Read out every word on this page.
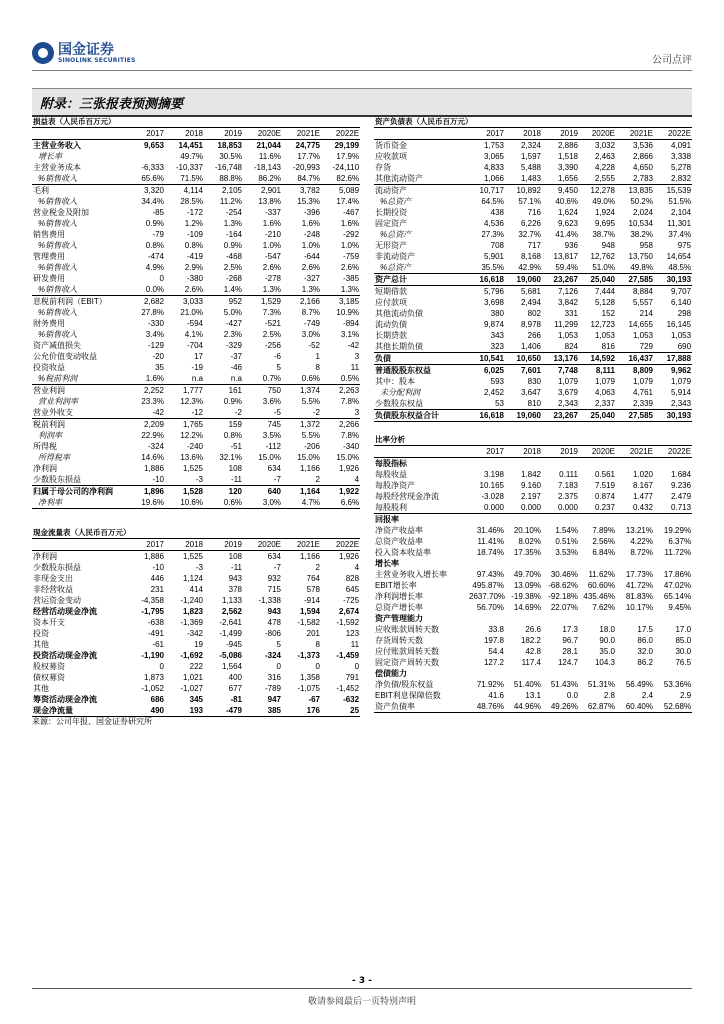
国金证券
SINOLINK SECURITIES	公司点评
附录：三张报表预测摘要
损益表（人民币百万元）						
	2017	2018	2019	2020E	2021E	2022E
主营业务收入	9,653	14,451	18,853	21,044	24,775	29,199
增长率		49.7%	30.5%	11.6%	17.7%	17.9%
主营业务成本	-6,333	-10,337	-16,748	-18,143	-20,993	-24,110
%销售收入	65.6%	71.5%	88.8%	86.2%	84.7%	82.6%
毛利	3,320	4,114	2,105	2,901	3,782	5,089
%销售收入	34.4%	28.5%	11.2%	13.8%	15.3%	17.4%
营业税金及附加	-85	-172	-254	-337	-396	-467
%销售收入	0.9%	1.2%	1.3%	1.6%	1.6%	1.6%
销售费用	-79	-109	-164	-210	-248	-292
%销售收入	0.8%	0.8%	0.9%	1.0%	1.0%	1.0%
管理费用	-474	-419	-468	-547	-644	-759
%销售收入	4.9%	2.9%	2.5%	2.6%	2.6%	2.6%
研发费用	0	-380	-268	-278	-327	-385
%销售收入	0.0%	2.6%	1.4%	1.3%	1.3%	1.3%
息税前利润（EBIT）	2,682	3,033	952	1,529	2,166	3,185
%销售收入	27.8%	21.0%	5.0%	7.3%	8.7%	10.9%
财务费用	-330	-594	-427	-521	-749	-894
%销售收入	3.4%	4.1%	2.3%	2.5%	3.0%	3.1%
资产减值损失	-129	-704	-329	-256	-52	-42
公允价值变动收益	-20	17	-37	-6	1	3
投资收益	35	-19	-46	5	8	11
%税前利润	1.6%	n.a	n.a	0.7%	0.6%	0.5%
营业利润	2,252	1,777	161	750	1,374	2,263
营业利润率	23.3%	12.3%	0.9%	3.6%	5.5%	7.8%
营业外收支	-42	-12	-2	-5	-2	3
税前利润	2,209	1,765	159	745	1,372	2,266
利润率	22.9%	12.2%	0.8%	3.5%	5.5%	7.8%
所得税	-324	-240	-51	-112	-206	-340
所得税率	14.6%	13.6%	32.1%	15.0%	15.0%	15.0%
净利润	1,886	1,525	108	634	1,166	1,926
少数股东损益	-10	-3	-11	-7	2	4
归属于母公司的净利润	1,896	1,528	120	640	1,164	1,922
净利率	19.6%	10.6%	0.6%	3.0%	4.7%	6.6%
现金流量表（人民币百万元）						
	2017	2018	2019	2020E	2021E	2022E
净利润	1,886	1,525	108	634	1,166	1,926
少数股东损益	-10	-3	-11	-7	2	4
非现金支出	446	1,124	943	932	764	828
非经营收益	231	414	378	715	578	645
营运资金变动	-4,358	-1,240	1,133	-1,338	-914	-725
经营活动现金净流	-1,795	1,823	2,562	943	1,594	2,674
资本开支	-638	-1,369	-2,641	478	-1,582	-1,592
投资	-491	-342	-1,499	-806	201	123
其他	-61	19	-945	5	8	11
投资活动现金净流	-1,190	-1,692	-5,086	-324	-1,373	-1,459
股权募资	0	222	1,564	0	0	0
债权募资	1,873	1,021	400	316	1,358	791
其他	-1,052	-1,027	677	-789	-1,075	-1,452
筹资活动现金净流	686	345	-81	947	-67	-632
现金净流量	490	193	-479	385	176	25
资产负债表（人民币百万元）						
	2017	2018	2019	2020E	2021E	2022E
货币资金	1,753	2,324	2,886	3,032	3,536	4,091
应收款项	3,065	1,597	1,518	2,463	2,866	3,338
存货	4,833	5,488	3,390	4,228	4,650	5,278
其他流动资产	1,066	1,483	1,656	2,555	2,783	2,832
流动资产	10,717	10,892	9,450	12,278	13,835	15,539
%总资产	64.5%	57.1%	40.6%	49.0%	50.2%	51.5%
长期投资	438	716	1,624	1,924	2,024	2,104
固定资产	4,536	6,226	9,623	9,695	10,534	11,301
%总资产	27.3%	32.7%	41.4%	38.7%	38.2%	37.4%
无形资产	708	717	936	948	958	975
非流动资产	5,901	8,168	13,817	12,762	13,750	14,654
%总资产	35.5%	42.9%	59.4%	51.0%	49.8%	48.5%
资产总计	16,618	19,060	23,267	25,040	27,585	30,193
短期借款	5,796	5,681	7,126	7,444	8,884	9,707
应付款项	3,698	2,494	3,842	5,128	5,557	6,140
其他流动负债	380	802	331	152	214	298
流动负债	9,874	8,978	11,299	12,723	14,655	16,145
长期贷款	343	266	1,053	1,053	1,053	1,053
其他长期负债	323	1,406	824	816	729	690
负债	10,541	10,650	13,176	14,592	16,437	17,888
普通股股东权益	6,025	7,601	7,748	8,111	8,809	9,962
其中：股本	593	830	1,079	1,079	1,079	1,079
未分配利润	2,452	3,647	3,679	4,063	4,761	5,914
少数股东权益	53	810	2,343	2,337	2,339	2,343
负债股东权益合计	16,618	19,060	23,267	25,040	27,585	30,193
比率分析						
	2017	2018	2019	2020E	2021E	2022E
每股指标						
每股收益	3.198	1.842	0.111	0.561	1.020	1.684
每股净资产	10.165	9.160	7.183	7.519	8.167	9.236
每股经营现金净流	-3.028	2.197	2.375	0.874	1.477	2.479
每股股利	0.000	0.000	0.000	0.237	0.432	0.713
回报率						
净资产收益率	31.46%	20.10%	1.54%	7.89%	13.21%	19.29%
总资产收益率	11.41%	8.02%	0.51%	2.56%	4.22%	6.37%
投入资本收益率	18.74%	17.35%	3.53%	6.84%	8.72%	11.72%
增长率						
主营业务收入增长率	97.43%	49.70%	30.46%	11.62%	17.73%	17.86%
EBIT增长率	495.87%	13.09%	-68.62%	60.60%	41.72%	47.02%
净利润增长率	2637.70%	-19.38%	-92.18%	435.46%	81.83%	65.14%
总资产增长率	56.70%	14.69%	22.07%	7.62%	10.17%	9.45%
资产管理能力						
应收账款周转天数	33.8	26.6	17.3	18.0	17.5	17.0
存货周转天数	197.8	182.2	96.7	90.0	86.0	85.0
应付账款周转天数	54.4	42.8	28.1	35.0	32.0	30.0
固定资产周转天数	127.2	117.4	124.7	104.3	86.2	76.5
偿债能力						
净负债/股东权益	71.92%	51.40%	51.43%	51.31%	56.49%	53.36%
EBIT利息保障倍数	41.6	13.1	0.0	2.8	2.4	2.9
资产负债率	48.76%	44.96%	49.26%	62.87%	60.40%	52.68%
来源：公司年报、国金证券研究所
- 3 -
敬请参阅最后一页特别声明
